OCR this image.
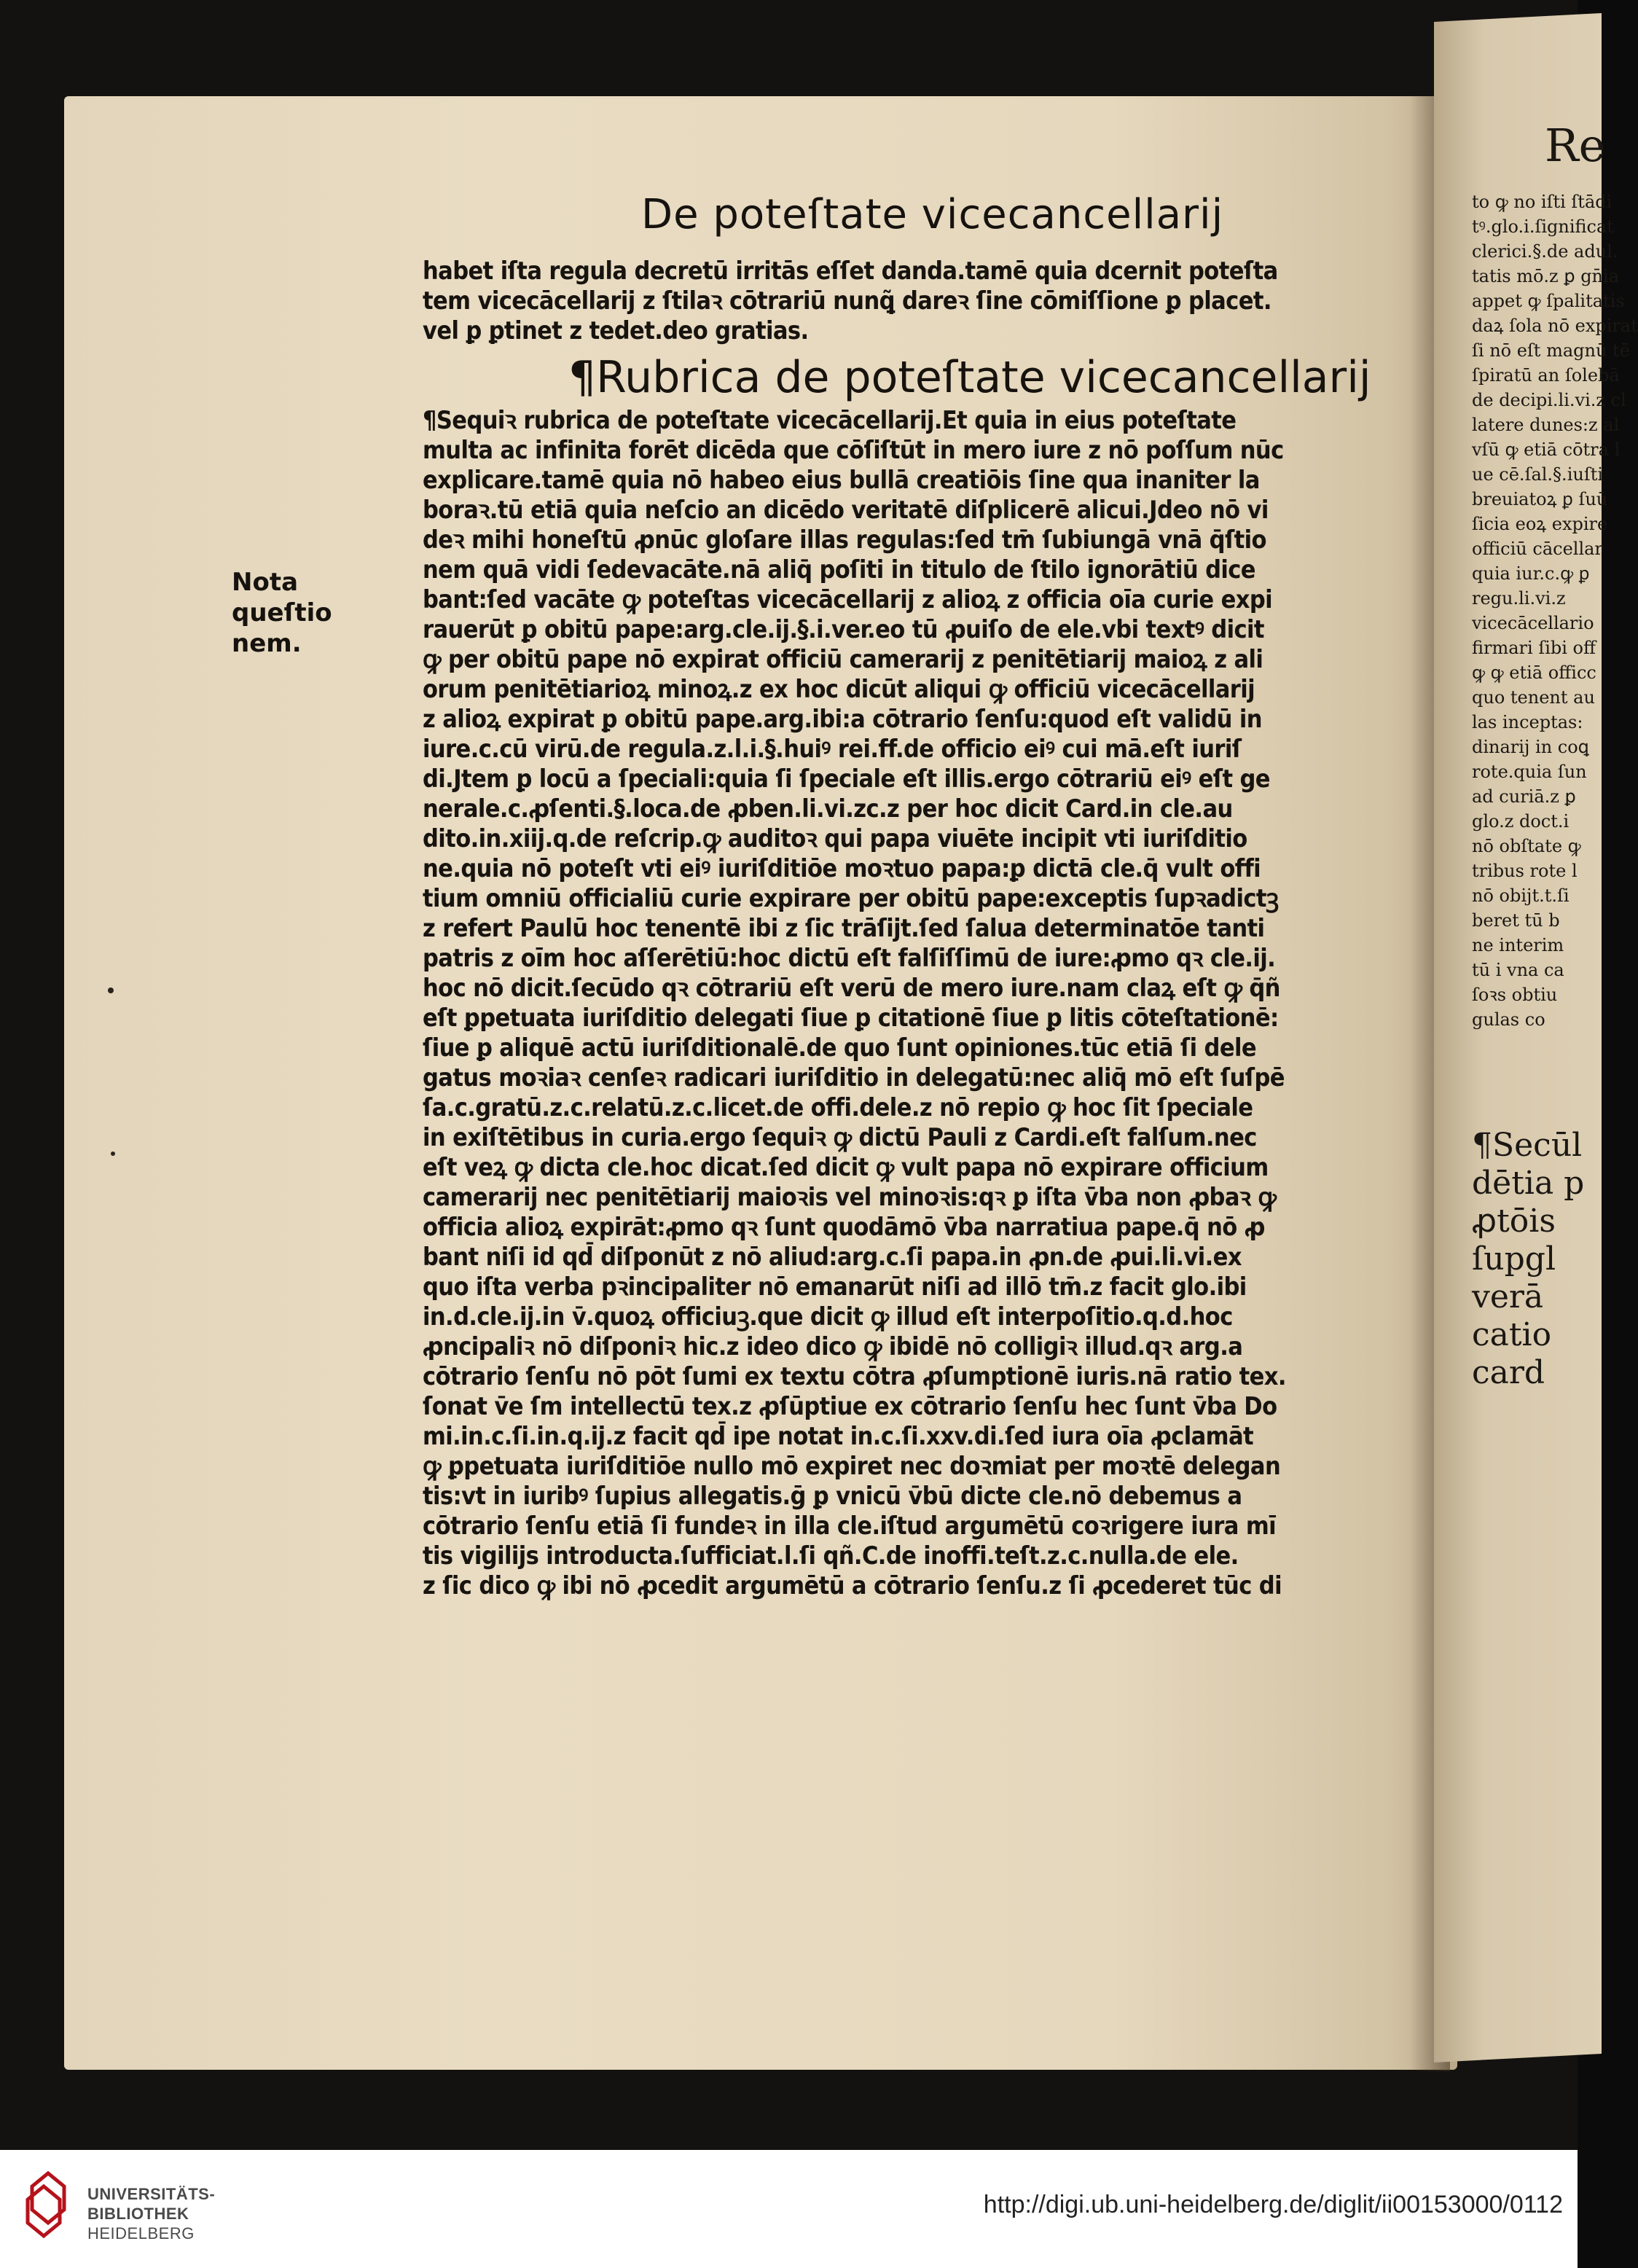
Re
to ꝙ no iſti ſtādi
tꝰ.glo.i.ſignificat
clerici.§.de adul.
tatis mō.z ꝑ gn̄ia
appet ꝙ ſpalitatis
daꝝ ſola nō expirat
ſi nō eſt magnū tē
ſpiratū an ſolebā
de decipi.li.vi.z cl
latere dunes:z al
vſū ꝙ etiā cōtra l
ue cē.ſal.§.iuſti
breuiatoꝝ ꝑ ſuū
ſicia eoꝝ expire
officiū cācellar
quia iur.c.ꝙ ꝑ
regu.li.vi.z
vicecācellario
firmari ſibi off
ꝙ ꝙ etiā officc
quo tenent au
las inceptas:
dinarij in coꝗ
rote.quia ſun
ad curiā.z ꝑ
glo.z doct.i
nō obſtate ꝙ
tribus rote l
nō obijt.t.ſi
beret tū b
ne interim
tū i vna ca
ſoꝛs obtiu
gulas co
¶Secūl
dētia p
ꝓtōis
ſupgl
verā
catio
card
De poteſtate vicecancellarij
Nota queſtio
nem.
habet iſta regula decretū irritās eſſet danda.tamē quia dcernit poteſta
tem vicecācellarij z ſtilaꝛ cōtrariū nunꝗ͂ dareꝛ ſine cōmiſſione ꝑ placet.
vel ꝑ ꝑtinet z tedet.deo gratias.
¶Rubrica de poteſtate vicecancellarij
¶Sequiꝛ rubrica de poteſtate vicecācellarij.Et quia in eius poteſtate
multa ac infinita forēt dicēda que cōſiſtūt in mero iure z nō poſſum nūc
explicare.tamē quia nō habeo eius bullā creatiōis ſine qua inaniter la
boraꝛ.tū etiā quia neſcio an dicēdo veritatē diſplicerē alicui.Jdeo nō vi
deꝛ mihi honeſtū ꝓnūc gloſare illas regulas:ſed tm̄ ſubiungā vnā q̄ſtio
nem quā vidi ſedevacāte.nā aliq̄ poſiti in titulo de ſtilo ignorātiū dice
bant:ſed vacāte ꝙ poteſtas vicecācellarij z alioꝝ z officia oīa curie expi
rauerūt ꝑ obitū pape:arg.cle.ij.§.i.ver.eo tū ꝓuiſo de ele.vbi textꝰ dicit
ꝙ per obitū pape nō expirat officiū camerarij z penitētiarij maioꝝ z ali
orum penitētiarioꝝ minoꝝ.z ex hoc dicūt aliqui ꝙ officiū vicecācellarij
z alioꝝ expirat ꝑ obitū pape.arg.ibi:a cōtrario ſenſu:quod eſt validū in
iure.c.cū virū.de regula.z.l.i.§.huiꝰ rei.ff.de officio eiꝰ cui mā.eſt iuriſ
di.Jtem ꝑ locū a ſpeciali:quia ſi ſpeciale eſt illis.ergo cōtrariū eiꝰ eſt ge
nerale.c.ꝓſenti.§.loca.de ꝓben.li.vi.zc.z per hoc dicit Card.in cle.au
dito.in.xiij.q.de reſcrip.ꝙ auditoꝛ qui papa viuēte incipit vti iuriſditio
ne.quia nō poteſt vti eiꝰ iuriſditiōe moꝛtuo papa:ꝑ dictā cle.q̄ vult offi
tium omniū officialiū curie expirare per obitū pape:exceptis ſupꝛadictꝫ
z refert Paulū hoc tenentē ibi z ſic trāſijt.ſed ſalua determinatōe tanti
patris z oīm hoc aſſerētiū:hoc dictū eſt falſiſſimū de iure:ꝓmo qꝛ cle.ij.
hoc nō dicit.ſecūdo qꝛ cōtrariū eſt verū de mero iure.nam claꝝ eſt ꝙ q̄ñ
eſt ꝑpetuata iuriſditio delegati ſiue ꝑ citationē ſiue ꝑ litis cōteſtationē:
ſiue ꝑ aliquē actū iuriſditionalē.de quo ſunt opiniones.tūc etiā ſi dele
gatus moꝛiaꝛ cenſeꝛ radicari iuriſditio in delegatū:nec aliq̄ mō eſt ſuſpē
ſa.c.gratū.z.c.relatū.z.c.licet.de offi.dele.z nō repio ꝙ hoc ſit ſpeciale
in exiſtētibus in curia.ergo ſequiꝛ ꝙ dictū Pauli z Cardi.eſt falſum.nec
eſt veꝝ ꝙ dicta cle.hoc dicat.ſed dicit ꝙ vult papa nō expirare officium
camerarij nec penitētiarij maioꝛis vel minoꝛis:qꝛ ꝑ iſta v̄ba non ꝓbaꝛ ꝙ
officia alioꝝ expirāt:ꝓmo qꝛ ſunt quodāmō v̄ba narratiua pape.q̄ nō ꝓ
bant niſi id qd̄ diſponūt z nō aliud:arg.c.ſi papa.in ꝓn.de ꝓui.li.vi.ex
quo iſta verba pꝛincipaliter nō emanarūt niſi ad illō tm̄.z facit glo.ibi
in.d.cle.ij.in v̄.quoꝝ officiuꝫ.que dicit ꝙ illud eſt interpoſitio.q.d.hoc
ꝓncipaliꝛ nō diſponiꝛ hic.z ideo dico ꝙ ibidē nō colligiꝛ illud.qꝛ arg.a
cōtrario ſenſu nō pōt ſumi ex textu cōtra ꝓſumptionē iuris.nā ratio tex.
ſonat v̄e ſm intellectū tex.z ꝓſūptiue ex cōtrario ſenſu hec ſunt v̄ba Do
mi.in.c.ſi.in.q.ij.z facit qd̄ ipe notat in.c.ſi.xxv.di.ſed iura oīa ꝓclamāt
ꝙ ꝑpetuata iuriſditiōe nullo mō expiret nec doꝛmiat per moꝛtē delegan
tis:vt in iuribꝰ ſupius allegatis.ḡ ꝑ vnicū v̄bū dicte cle.nō debemus a
cōtrario ſenſu etiā ſi fundeꝛ in illa cle.iſtud argumētū coꝛrigere iura mī
tis vigilijs introducta.ſufficiat.l.ſi qñ.C.de inoffi.teſt.z.c.nulla.de ele.
z ſic dico ꝙ ibi nō ꝓcedit argumētū a cōtrario ſenſu.z ſi ꝓcederet tūc di
UNIVERSITÄTS-
BIBLIOTHEK
HEIDELBERG
http://digi.ub.uni-heidelberg.de/diglit/ii00153000/0112
